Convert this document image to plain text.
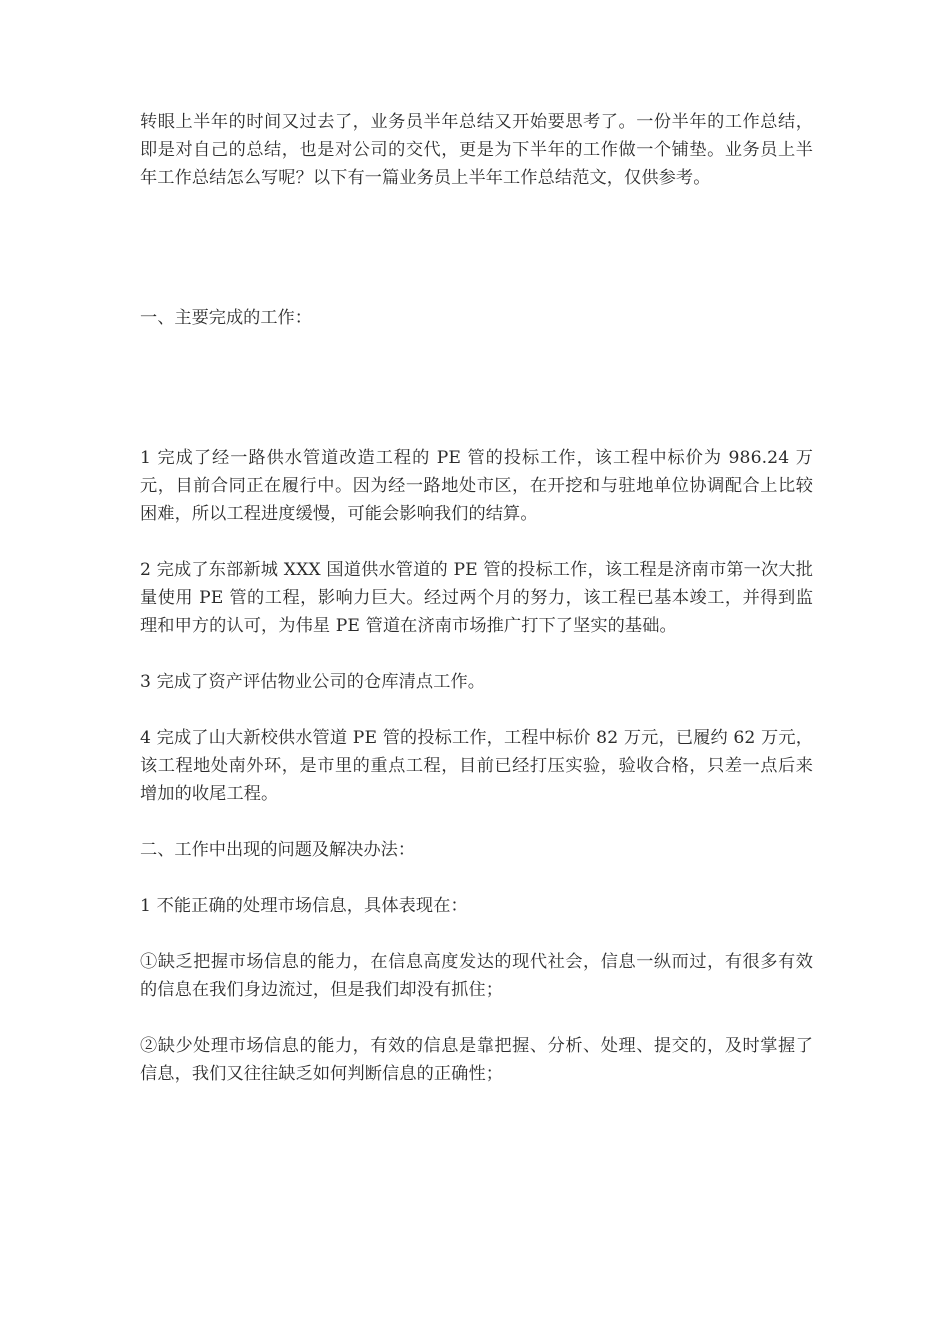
转眼上半年的时间又过去了，业务员半年总结又开始要思考了。一份半年的工作总结，即是对自己的总结，也是对公司的交代，更是为下半年的工作做一个铺垫。业务员上半年工作总结怎么写呢？以下有一篇业务员上半年工作总结范文，仅供参考。

一、主要完成的工作：

1 完成了经一路供水管道改造工程的 PE 管的投标工作，该工程中标价为 986.24 万元，目前合同正在履行中。因为经一路地处市区，在开挖和与驻地单位协调配合上比较困难，所以工程进度缓慢，可能会影响我们的结算。

2 完成了东部新城 XXX 国道供水管道的 PE 管的投标工作，该工程是济南市第一次大批量使用 PE 管的工程，影响力巨大。经过两个月的努力，该工程已基本竣工，并得到监理和甲方的认可，为伟星 PE 管道在济南市场推广打下了坚实的基础。

3 完成了资产评估物业公司的仓库清点工作。

4 完成了山大新校供水管道 PE 管的投标工作，工程中标价 82 万元，已履约 62 万元，该工程地处南外环，是市里的重点工程，目前已经打压实验，验收合格，只差一点后来增加的收尾工程。

二、工作中出现的问题及解决办法：

1 不能正确的处理市场信息，具体表现在：

①缺乏把握市场信息的能力，在信息高度发达的现代社会，信息一纵而过，有很多有效的信息在我们身边流过，但是我们却没有抓住；

②缺少处理市场信息的能力，有效的信息是靠把握、分析、处理、提交的，及时掌握了信息，我们又往往缺乏如何判断信息的正确性；
